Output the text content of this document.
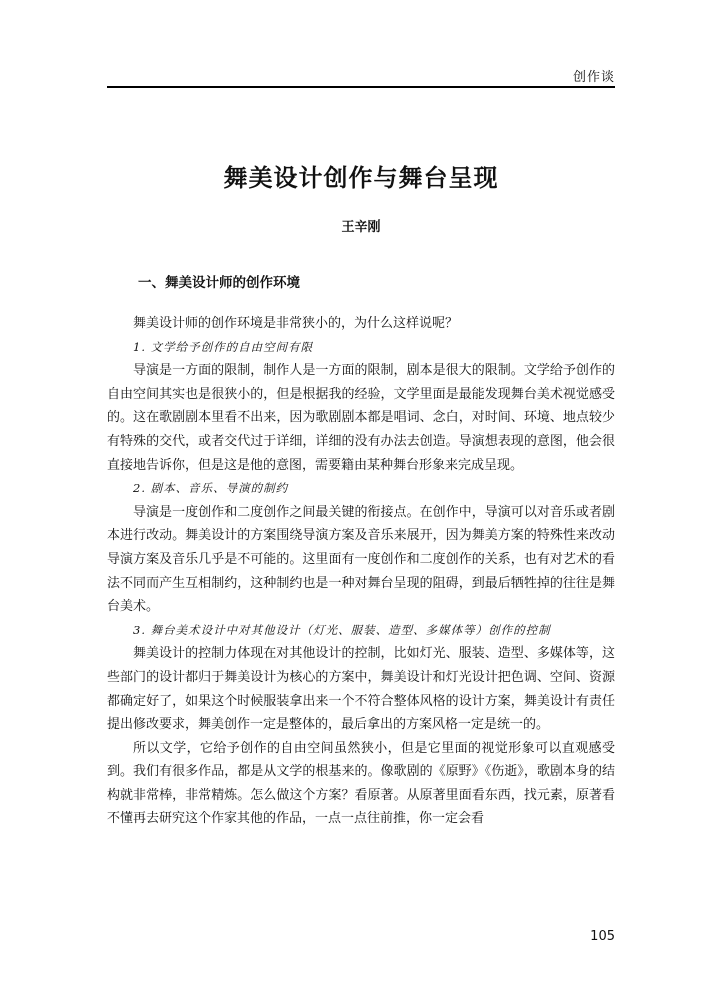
创作谈
舞美设计创作与舞台呈现
王辛刚
一、舞美设计师的创作环境

舞美设计师的创作环境是非常狭小的，为什么这样说呢？

1. 文学给予创作的自由空间有限

导演是一方面的限制，制作人是一方面的限制，剧本是很大的限制。文学给予创作的自由空间其实也是很狭小的，但是根据我的经验，文学里面是最能发现舞台美术视觉感受的。这在歌剧剧本里看不出来，因为歌剧剧本都是唱词、念白，对时间、环境、地点较少有特殊的交代，或者交代过于详细，详细的没有办法去创造。导演想表现的意图，他会很直接地告诉你，但是这是他的意图，需要籍由某种舞台形象来完成呈现。

2. 剧本、音乐、导演的制约

导演是一度创作和二度创作之间最关键的衔接点。在创作中，导演可以对音乐或者剧本进行改动。舞美设计的方案围绕导演方案及音乐来展开，因为舞美方案的特殊性来改动导演方案及音乐几乎是不可能的。这里面有一度创作和二度创作的关系，也有对艺术的看法不同而产生互相制约，这种制约也是一种对舞台呈现的阻碍，到最后牺牲掉的往往是舞台美术。

3. 舞台美术设计中对其他设计（灯光、服装、造型、多媒体等）创作的控制

舞美设计的控制力体现在对其他设计的控制，比如灯光、服装、造型、多媒体等，这些部门的设计都归于舞美设计为核心的方案中，舞美设计和灯光设计把色调、空间、资源都确定好了，如果这个时候服装拿出来一个不符合整体风格的设计方案，舞美设计有责任提出修改要求，舞美创作一定是整体的，最后拿出的方案风格一定是统一的。

所以文学，它给予创作的自由空间虽然狭小，但是它里面的视觉形象可以直观感受到。我们有很多作品，都是从文学的根基来的。像歌剧的《原野》《伤逝》，歌剧本身的结构就非常棒，非常精炼。怎么做这个方案？看原著。从原著里面看东西，找元素，原著看不懂再去研究这个作家其他的作品，一点一点往前推，你一定会看

105
